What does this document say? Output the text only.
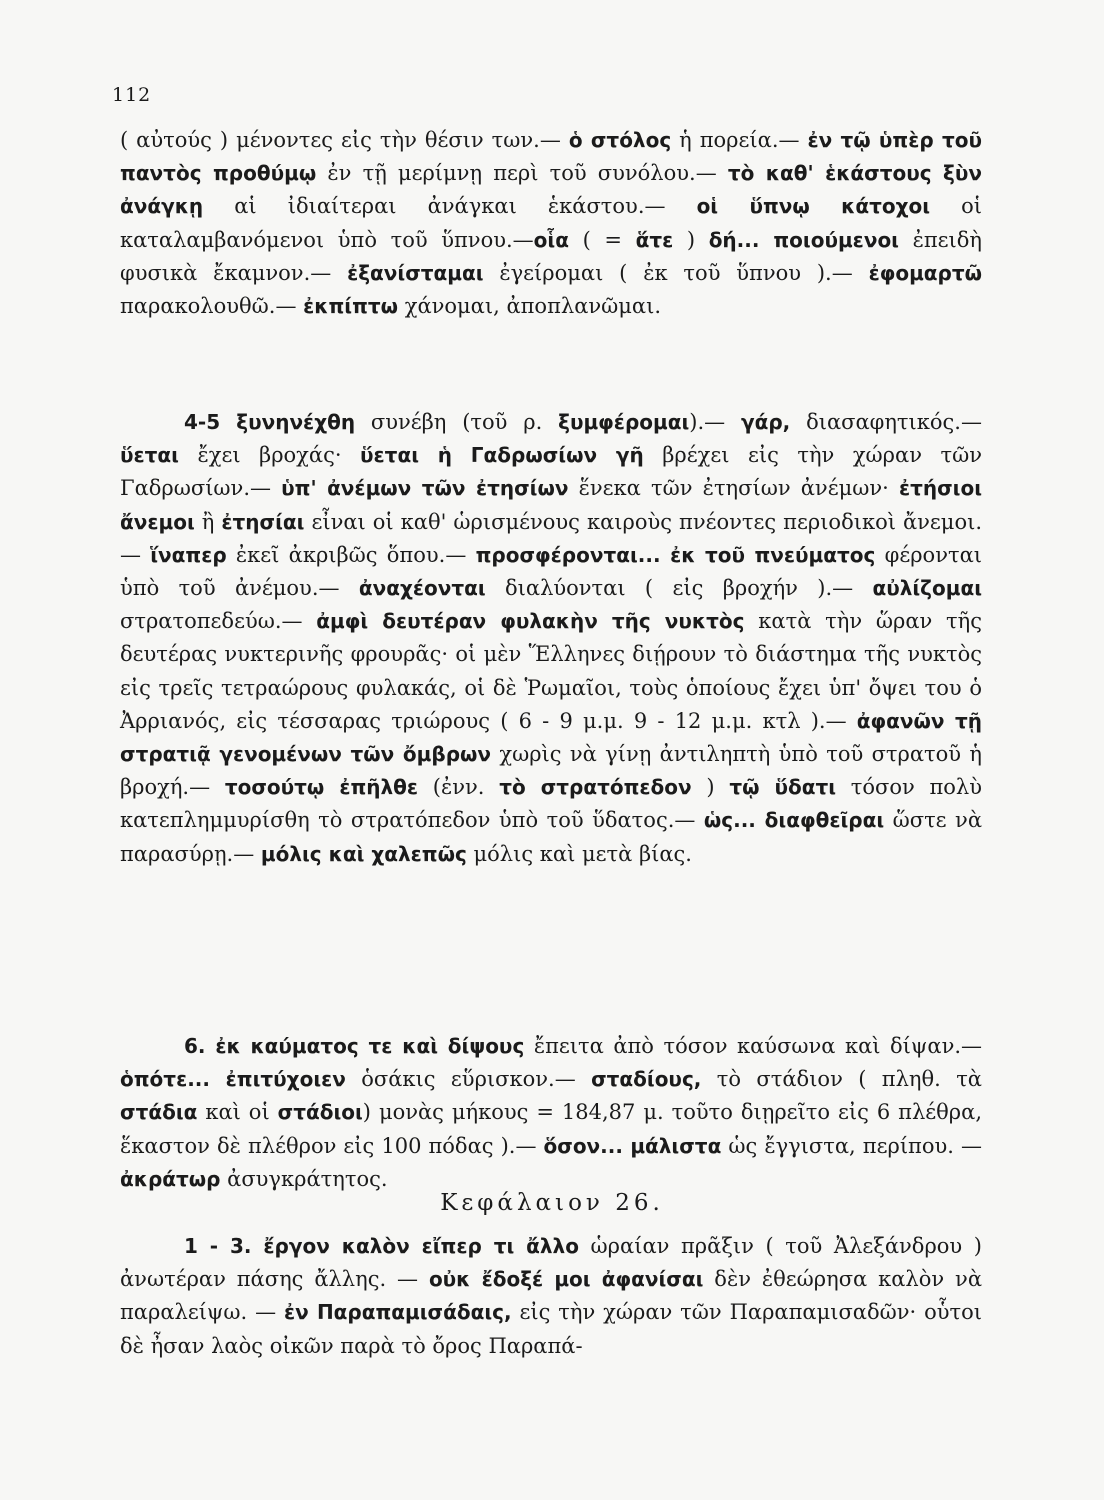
112

( αὐτούς ) μένοντες εἰς τὴν θέσιν των.— ὁ στόλος ἡ πορεία.— ἐν τῷ ὑπὲρ τοῦ παντὸς προθύμῳ ἐν τῇ μερίμνῃ περὶ τοῦ συνόλου.— τὸ καθ' ἑκάστους ξὺν ἀνάγκῃ αἱ ἰδιαίτεραι ἀνάγκαι ἑκάστου.— οἱ ὕπνῳ κάτοχοι οἱ καταλαμβανόμενοι ὑπὸ τοῦ ὕπνου.—οἷα ( = ἅτε ) δή... ποιούμενοι ἐπειδὴ φυσικὰ ἔκαμνον.— ἐξανίσταμαι ἐγείρομαι ( ἐκ τοῦ ὕπνου ).— ἐφομαρτῶ παρακολουθῶ.— ἐκπίπτω χάνομαι, ἀποπλανῶμαι.

4-5 ξυνηνέχθη συνέβη (τοῦ ρ. ξυμφέρομαι).— γάρ, διασαφητικός.— ὕεται ἔχει βροχάς· ὕεται ἡ Γαδρωσίων γῆ βρέχει εἰς τὴν χώραν τῶν Γαδρωσίων.— ὑπ' ἀνέμων τῶν ἐτησίων ἕνεκα τῶν ἐτησίων ἀνέμων· ἐτήσιοι ἄνεμοι ἢ ἐτησίαι εἶναι οἱ καθ' ὡρισμένους καιροὺς πνέοντες περιοδικοὶ ἄνεμοι.— ἵναπερ ἐκεῖ ἀκριβῶς ὅπου.— προσφέρονται... ἐκ τοῦ πνεύματος φέρονται ὑπὸ τοῦ ἀνέμου.— ἀναχέονται διαλύονται ( εἰς βροχήν ).— αὐλίζομαι στρατοπεδεύω.— ἀμφὶ δευτέραν φυλακὴν τῆς νυκτὸς κατὰ τὴν ὥραν τῆς δευτέρας νυκτερινῆς φρουρᾶς· οἱ μὲν Ἕλληνες διῄρουν τὸ διάστημα τῆς νυκτὸς εἰς τρεῖς τετραώρους φυλακάς, οἱ δὲ Ῥωμαῖοι, τοὺς ὁποίους ἔχει ὑπ' ὄψει του ὁ Ἀρριανός, εἰς τέσσαρας τριώρους ( 6 - 9 μ.μ. 9 - 12 μ.μ. κτλ ).— ἀφανῶν τῇ στρατιᾷ γενομένων τῶν ὄμβρων χωρὶς νὰ γίνῃ ἀντιληπτὴ ὑπὸ τοῦ στρατοῦ ἡ βροχή.— τοσούτῳ ἐπῆλθε (ἐνν. τὸ στρατόπεδον ) τῷ ὕδατι τόσον πολὺ κατεπλημμυρίσθη τὸ στρατόπεδον ὑπὸ τοῦ ὕδατος.— ὡς... διαφθεῖραι ὥστε νὰ παρασύρῃ.— μόλις καὶ χαλεπῶς μόλις καὶ μετὰ βίας.

6. ἐκ καύματος τε καὶ δίψους ἔπειτα ἀπὸ τόσον καύσωνα καὶ δίψαν.— ὁπότε... ἐπιτύχοιεν ὁσάκις εὕρισκον.— σταδίους, τὸ στάδιον ( πληθ. τὰ στάδια καὶ οἱ στάδιοι) μονὰς μήκους = 184,87 μ. τοῦτο διῃρεῖτο εἰς 6 πλέθρα, ἕκαστον δὲ πλέθρον εἰς 100 πόδας ).— ὅσον... μάλιστα ὡς ἔγγιστα, περίπου. — ἀκράτωρ ἀσυγκράτητος.

Κεφάλαιον 26.

1 - 3. ἔργον καλὸν εἴπερ τι ἄλλο ὡραίαν πρᾶξιν ( τοῦ Ἀλεξάνδρου ) ἀνωτέραν πάσης ἄλλης. — οὐκ ἔδοξέ μοι ἀφανίσαι δὲν ἐθεώρησα καλὸν νὰ παραλείψω. — ἐν Παραπαμισάδαις, εἰς τὴν χώραν τῶν Παραπαμισαδῶν· οὗτοι δὲ ἦσαν λαὸς οἰκῶν παρὰ τὸ ὄρος Παραπά-
